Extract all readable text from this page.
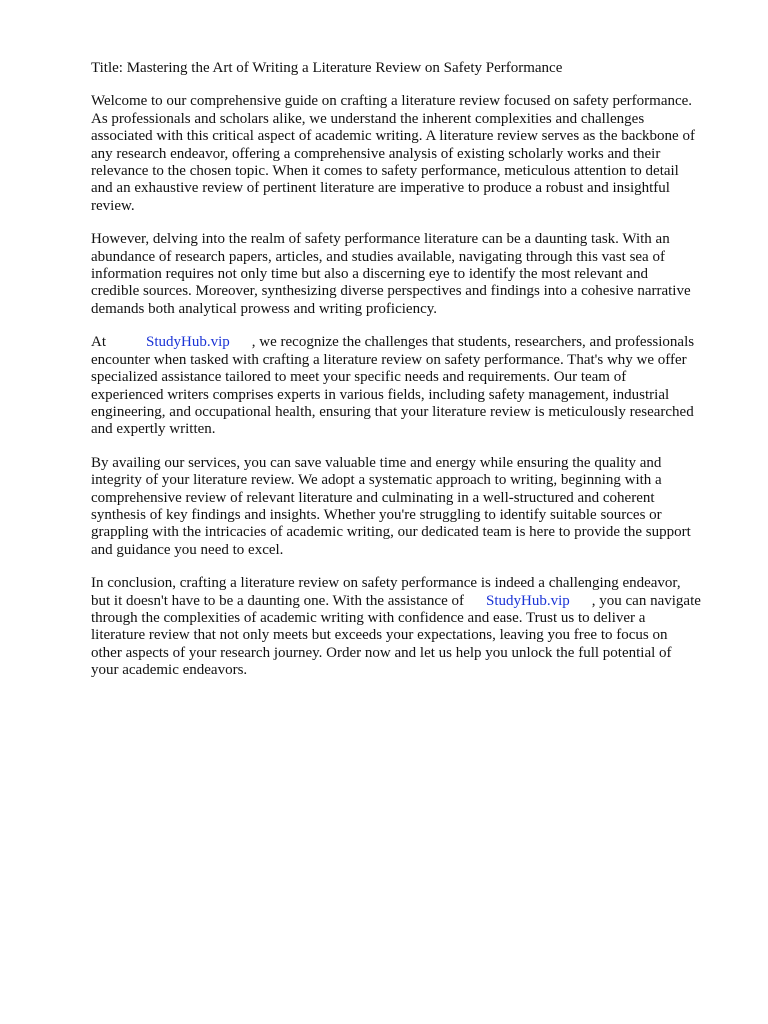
Title: Mastering the Art of Writing a Literature Review on Safety Performance

Welcome to our comprehensive guide on crafting a literature review focused on safety performance.
As professionals and scholars alike, we understand the inherent complexities and challenges
associated with this critical aspect of academic writing. A literature review serves as the backbone of
any research endeavor, offering a comprehensive analysis of existing scholarly works and their
relevance to the chosen topic. When it comes to safety performance, meticulous attention to detail
and an exhaustive review of pertinent literature are imperative to produce a robust and insightful
review.

However, delving into the realm of safety performance literature can be a daunting task. With an
abundance of research papers, articles, and studies available, navigating through this vast sea of
information requires not only time but also a discerning eye to identify the most relevant and
credible sources. Moreover, synthesizing diverse perspectives and findings into a cohesive narrative
demands both analytical prowess and writing proficiency.

At	StudyHub.vip , we recognize the challenges that students, researchers, and professionals
encounter when tasked with crafting a literature review on safety performance. That's why we offer
specialized assistance tailored to meet your specific needs and requirements. Our team of
experienced writers comprises experts in various fields, including safety management, industrial
engineering, and occupational health, ensuring that your literature review is meticulously researched
and expertly written.

By availing our services, you can save valuable time and energy while ensuring the quality and
integrity of your literature review. We adopt a systematic approach to writing, beginning with a
comprehensive review of relevant literature and culminating in a well-structured and coherent
synthesis of key findings and insights. Whether you're struggling to identify suitable sources or
grappling with the intricacies of academic writing, our dedicated team is here to provide the support
and guidance you need to excel.

In conclusion, crafting a literature review on safety performance is indeed a challenging endeavor,
but it doesn't have to be a daunting one. With the assistance of StudyHub.vip , you can navigate
through the complexities of academic writing with confidence and ease. Trust us to deliver a
literature review that not only meets but exceeds your expectations, leaving you free to focus on
other aspects of your research journey. Order now and let us help you unlock the full potential of
your academic endeavors.
